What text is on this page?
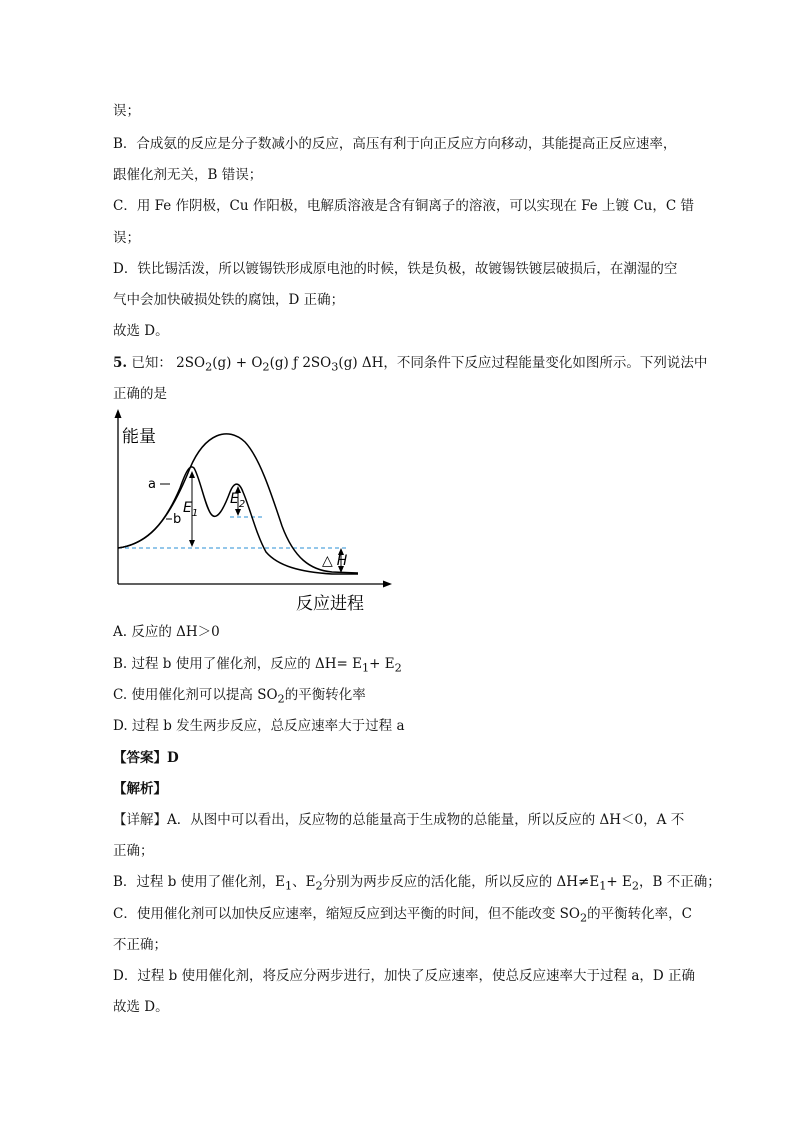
误；
B．合成氨的反应是分子数减小的反应，高压有利于向正反应方向移动，其能提高正反应速率，
跟催化剂无关，B 错误；
C．用 Fe 作阴极，Cu 作阳极，电解质溶液是含有铜离子的溶液，可以实现在 Fe 上镀 Cu，C 错
误；
D．铁比锡活泼，所以镀锡铁形成原电池的时候，铁是负极，故镀锡铁镀层破损后，在潮湿的空
气中会加快破损处铁的腐蚀，D 正确；
故选 D。
5. 已知： $2SO_2(g) + O_2(g)$ ƒ $2SO_3(g)$ ΔH，不同条件下反应过程能量变化如图所示。下列说法中
正确的是
能量
反应进程
a
b
$E_1$
$E_2$
△ H
A. 反应的 ΔH＞0
B. 过程 b 使用了催化剂，反应的 $\Delta H= E_1+ E_2$
C. 使用催化剂可以提高 $SO_2$的平衡转化率
D. 过程 b 发生两步反应，总反应速率大于过程 a
【答案】D
【解析】
【详解】A．从图中可以看出，反应物的总能量高于生成物的总能量，所以反应的 ΔH＜0，A 不
正确；
B．过程 b 使用了催化剂，$E_1$、$E_2$分别为两步反应的活化能，所以反应的 $\Delta H\ne E_1+ E_2$，B 不正确；
C．使用催化剂可以加快反应速率，缩短反应到达平衡的时间，但不能改变 $SO_2$的平衡转化率，C
不正确；
D．过程 b 使用催化剂，将反应分两步进行，加快了反应速率，使总反应速率大于过程 a，D 正确
故选 D。
